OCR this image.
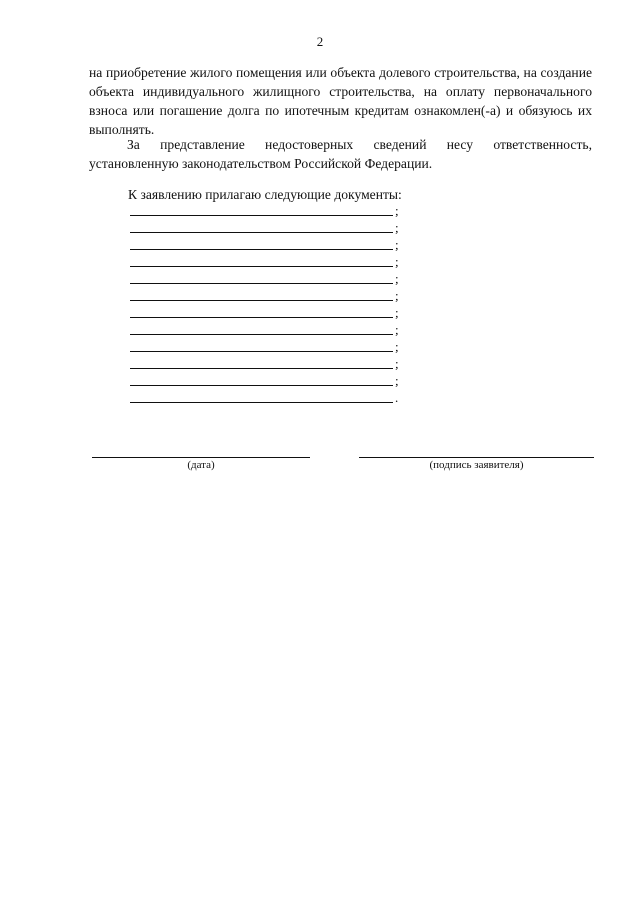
2

на приобретение жилого помещения или объекта долевого строительства, на создание объекта индивидуального жилищного строительства, на оплату первоначального взноса или погашение долга по ипотечным кредитам ознакомлен(-а) и обязуюсь их выполнять.

За представление недостоверных сведений несу ответственность, установленную законодательством Российской Федерации.

К заявлению прилагаю следующие документы:
;
;
;
;
;
;
;
;
;
;
;
.
(дата)	(подпись заявителя)
